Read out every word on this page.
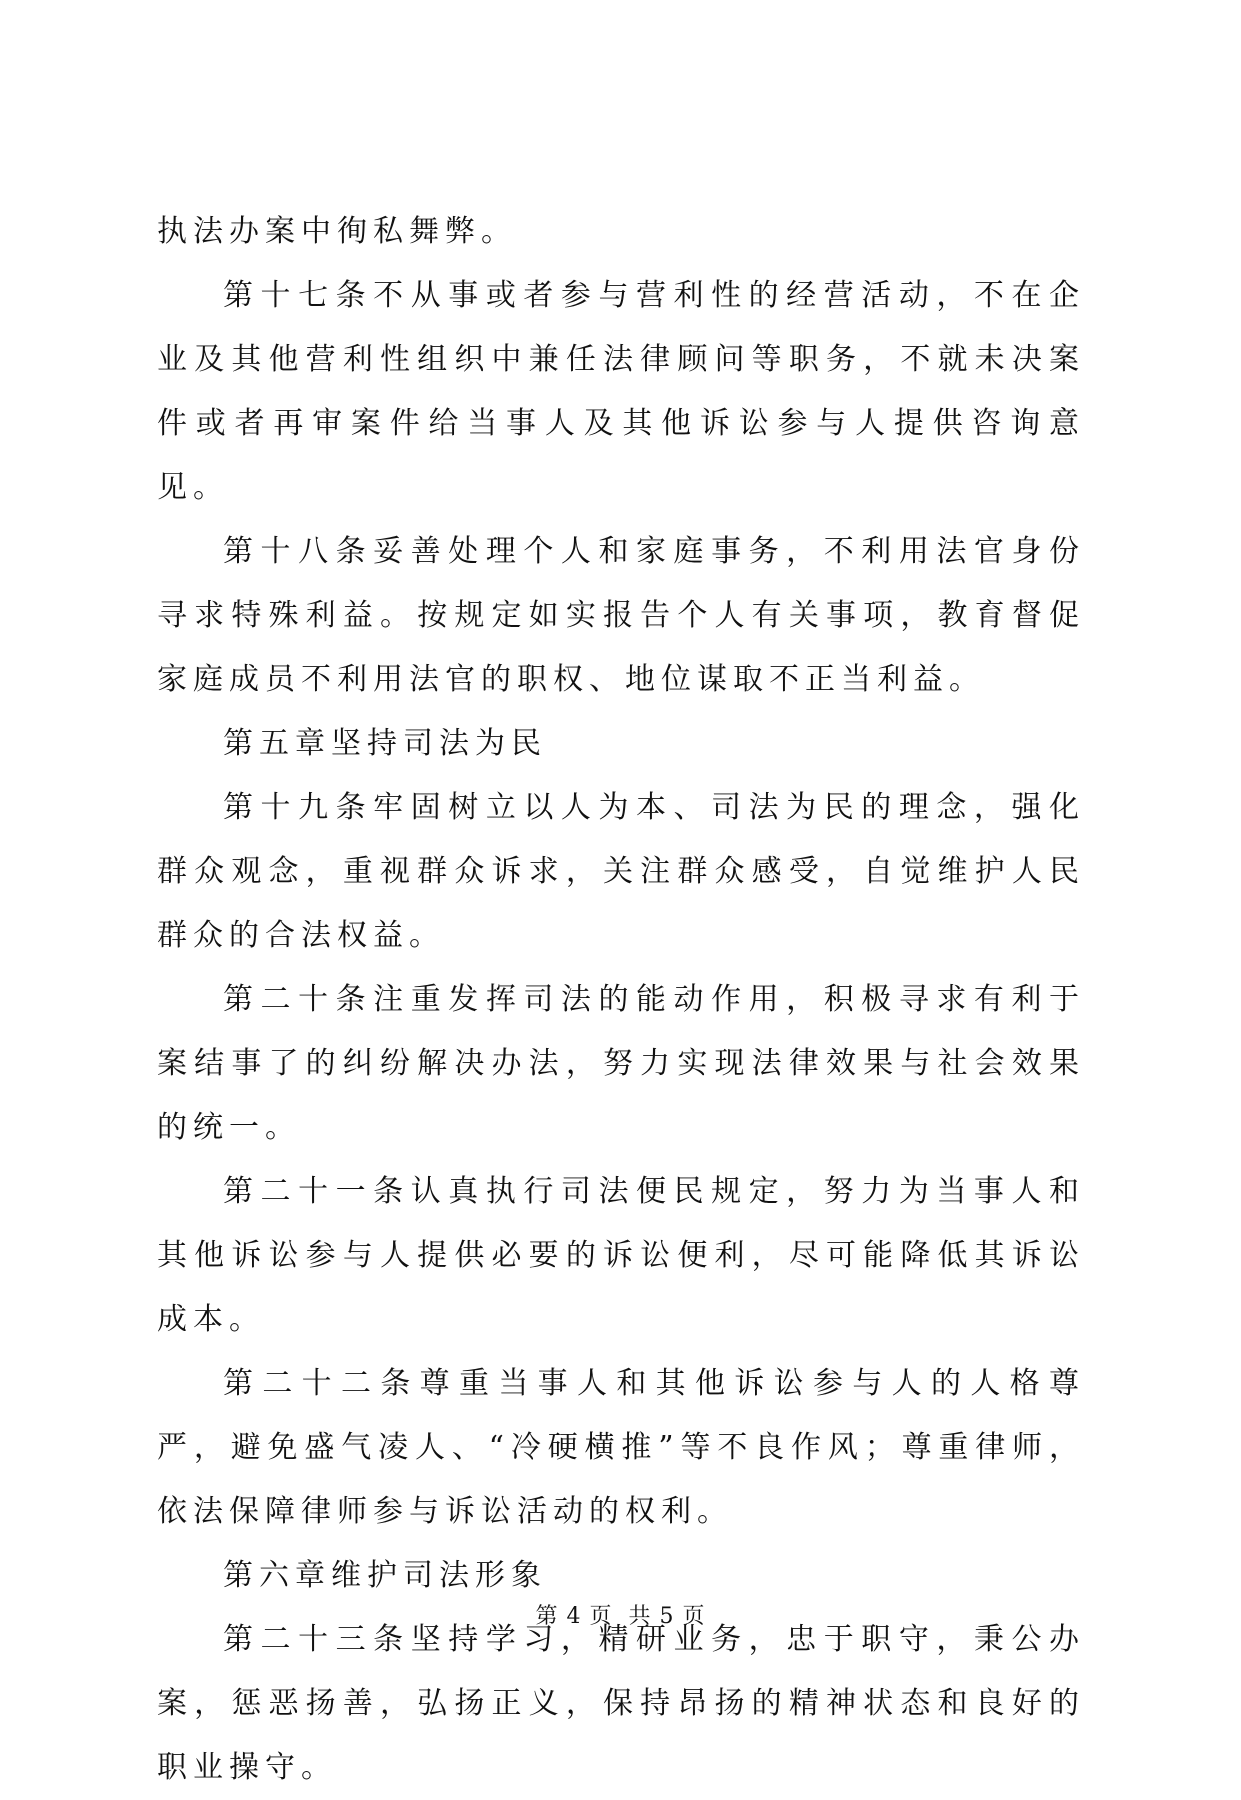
执法办案中徇私舞弊。

第十七条不从事或者参与营利性的经营活动，不在企业及其他营利性组织中兼任法律顾问等职务，不就未决案件或者再审案件给当事人及其他诉讼参与人提供咨询意见。

第十八条妥善处理个人和家庭事务，不利用法官身份寻求特殊利益。按规定如实报告个人有关事项，教育督促家庭成员不利用法官的职权、地位谋取不正当利益。

第五章坚持司法为民

第十九条牢固树立以人为本、司法为民的理念，强化群众观念，重视群众诉求，关注群众感受，自觉维护人民群众的合法权益。

第二十条注重发挥司法的能动作用，积极寻求有利于案结事了的纠纷解决办法，努力实现法律效果与社会效果的统一。

第二十一条认真执行司法便民规定，努力为当事人和其他诉讼参与人提供必要的诉讼便利，尽可能降低其诉讼成本。

第二十二条尊重当事人和其他诉讼参与人的人格尊严，避免盛气凌人、“冷硬横推”等不良作风；尊重律师，依法保障律师参与诉讼活动的权利。

第六章维护司法形象

第二十三条坚持学习，精研业务，忠于职守，秉公办案，惩恶扬善，弘扬正义，保持昂扬的精神状态和良好的职业操守。

第 4 页  共 5 页
